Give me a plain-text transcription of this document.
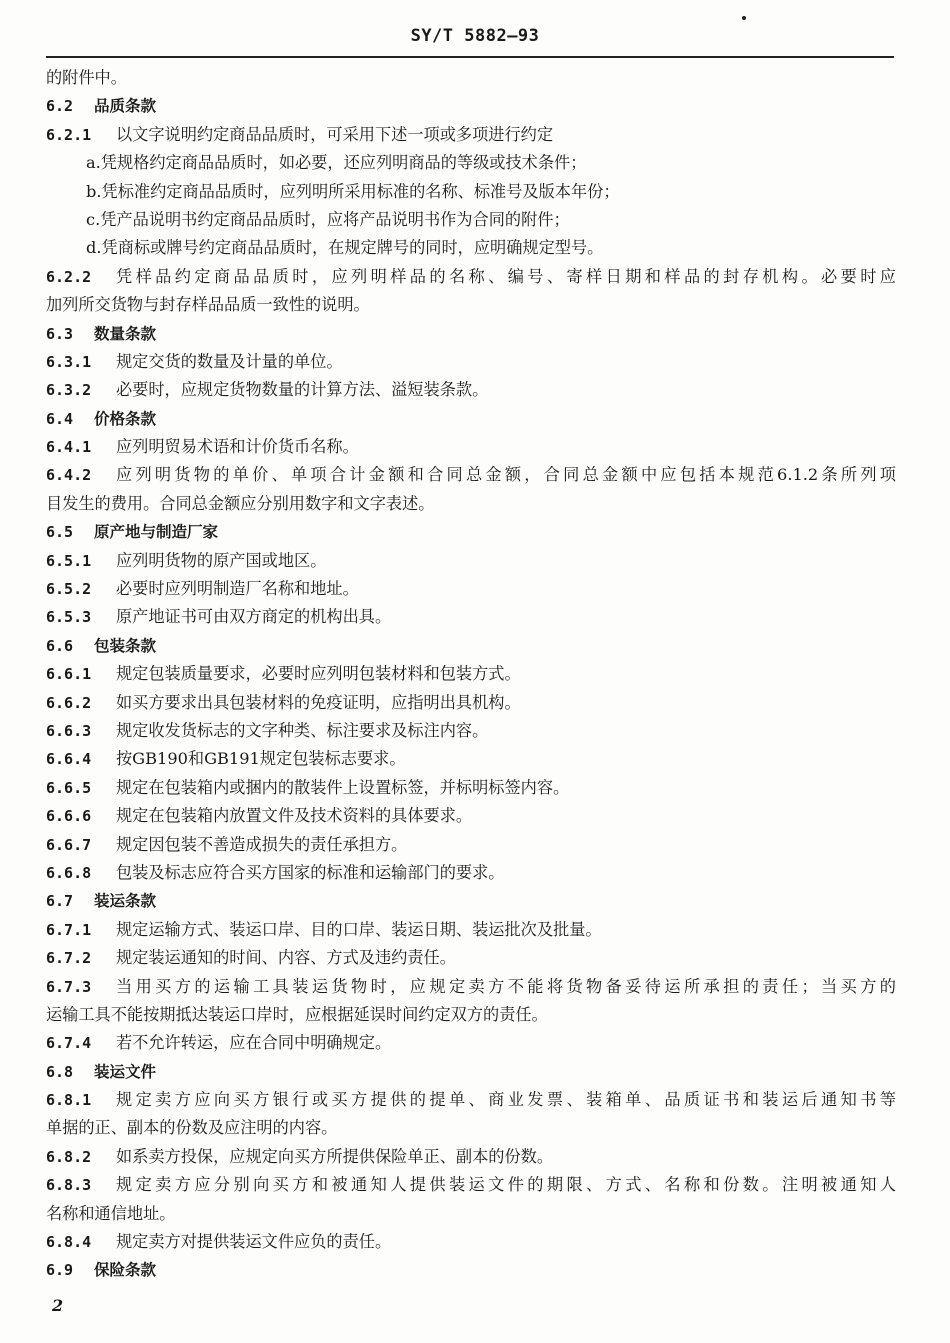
SY/T 5882—93
的附件中。
6.2 品质条款
6.2.1 以文字说明约定商品品质时，可采用下述一项或多项进行约定
a.凭规格约定商品品质时，如必要，还应列明商品的等级或技术条件；
b.凭标准约定商品品质时，应列明所采用标准的名称、标准号及版本年份；
c.凭产品说明书约定商品品质时，应将产品说明书作为合同的附件；
d.凭商标或牌号约定商品品质时，在规定牌号的同时，应明确规定型号。
6.2.2 凭样品约定商品品质时，应列明样品的名称、编号、寄样日期和样品的封存机构。必要时应
加列所交货物与封存样品品质一致性的说明。
6.3 数量条款
6.3.1 规定交货的数量及计量的单位。
6.3.2 必要时，应规定货物数量的计算方法、溢短装条款。
6.4 价格条款
6.4.1 应列明贸易术语和计价货币名称。
6.4.2 应列明货物的单价、单项合计金额和合同总金额，合同总金额中应包括本规范6.1.2条所列项
目发生的费用。合同总金额应分别用数字和文字表述。
6.5 原产地与制造厂家
6.5.1 应列明货物的原产国或地区。
6.5.2 必要时应列明制造厂名称和地址。
6.5.3 原产地证书可由双方商定的机构出具。
6.6 包装条款
6.6.1 规定包装质量要求，必要时应列明包装材料和包装方式。
6.6.2 如买方要求出具包装材料的免疫证明，应指明出具机构。
6.6.3 规定收发货标志的文字种类、标注要求及标注内容。
6.6.4 按GB190和GB191规定包装标志要求。
6.6.5 规定在包装箱内或捆内的散装件上设置标签，并标明标签内容。
6.6.6 规定在包装箱内放置文件及技术资料的具体要求。
6.6.7 规定因包装不善造成损失的责任承担方。
6.6.8 包装及标志应符合买方国家的标准和运输部门的要求。
6.7 装运条款
6.7.1 规定运输方式、装运口岸、目的口岸、装运日期、装运批次及批量。
6.7.2 规定装运通知的时间、内容、方式及违约责任。
6.7.3 当用买方的运输工具装运货物时，应规定卖方不能将货物备妥待运所承担的责任；当买方的
运输工具不能按期抵达装运口岸时，应根据延误时间约定双方的责任。
6.7.4 若不允许转运，应在合同中明确规定。
6.8 装运文件
6.8.1 规定卖方应向买方银行或买方提供的提单、商业发票、装箱单、品质证书和装运后通知书等
单据的正、副本的份数及应注明的内容。
6.8.2 如系卖方投保，应规定向买方所提供保险单正、副本的份数。
6.8.3 规定卖方应分别向买方和被通知人提供装运文件的期限、方式、名称和份数。注明被通知人
名称和通信地址。
6.8.4 规定卖方对提供装运文件应负的责任。
6.9 保险条款
2
